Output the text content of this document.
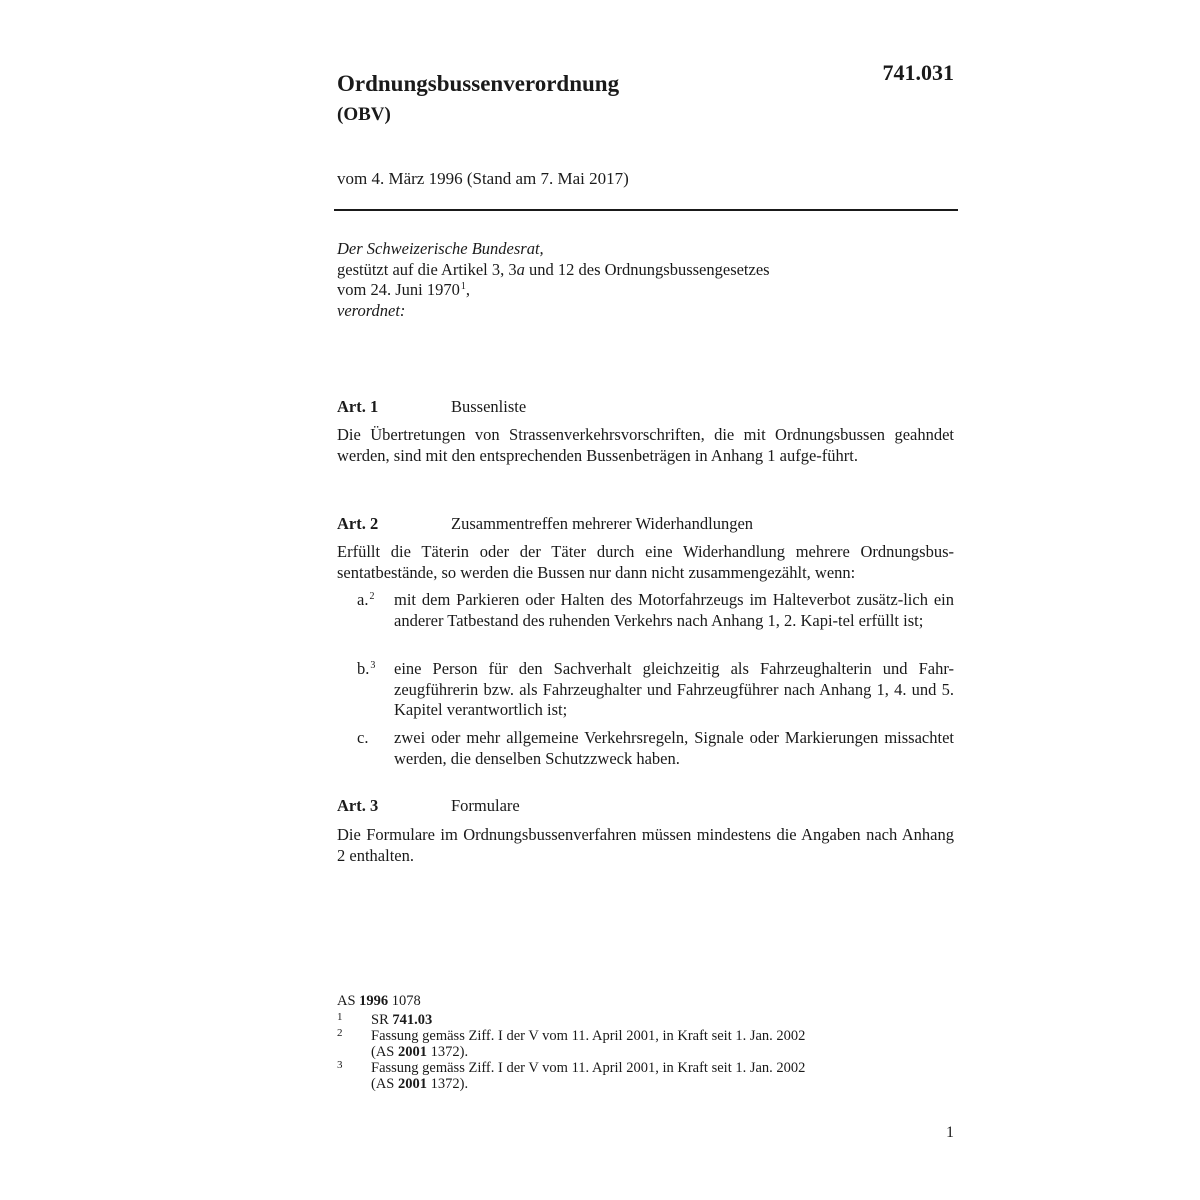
741.031
Ordnungsbussenverordnung
(OBV)
vom 4. März 1996 (Stand am 7. Mai 2017)
Der Schweizerische Bundesrat,
gestützt auf die Artikel 3, 3a und 12 des Ordnungsbussengesetzes
vom 24. Juni 1970$^1$,
verordnet:
Art. 1	Bussenliste

Die Übertretungen von Strassenverkehrsvorschriften, die mit Ordnungsbussen geahndet werden, sind mit den entsprechenden Bussenbeträgen in Anhang 1 aufge-führt.

Art. 2	Zusammentreffen mehrerer Widerhandlungen

Erfüllt die Täterin oder der Täter durch eine Widerhandlung mehrere Ordnungsbus-sentatbestände, so werden die Bussen nur dann nicht zusammengezählt, wenn:

a.$^2$ mit dem Parkieren oder Halten des Motorfahrzeugs im Halteverbot zusätz-lich ein anderer Tatbestand des ruhenden Verkehrs nach Anhang 1, 2. Kapi-tel erfüllt ist;
b.$^3$ eine Person für den Sachverhalt gleichzeitig als Fahrzeughalterin und Fahr-zeugführerin bzw. als Fahrzeughalter und Fahrzeugführer nach Anhang 1, 4. und 5. Kapitel verantwortlich ist;
c. zwei oder mehr allgemeine Verkehrsregeln, Signale oder Markierungen missachtet werden, die denselben Schutzzweck haben.
Art. 3	Formulare

Die Formulare im Ordnungsbussenverfahren müssen mindestens die Angaben nach Anhang 2 enthalten.

AS 1996 1078
1 SR 741.03
2 Fassung gemäss Ziff. I der V vom 11. April 2001, in Kraft seit 1. Jan. 2002
(AS 2001 1372).
3 Fassung gemäss Ziff. I der V vom 11. April 2001, in Kraft seit 1. Jan. 2002
(AS 2001 1372).
1
